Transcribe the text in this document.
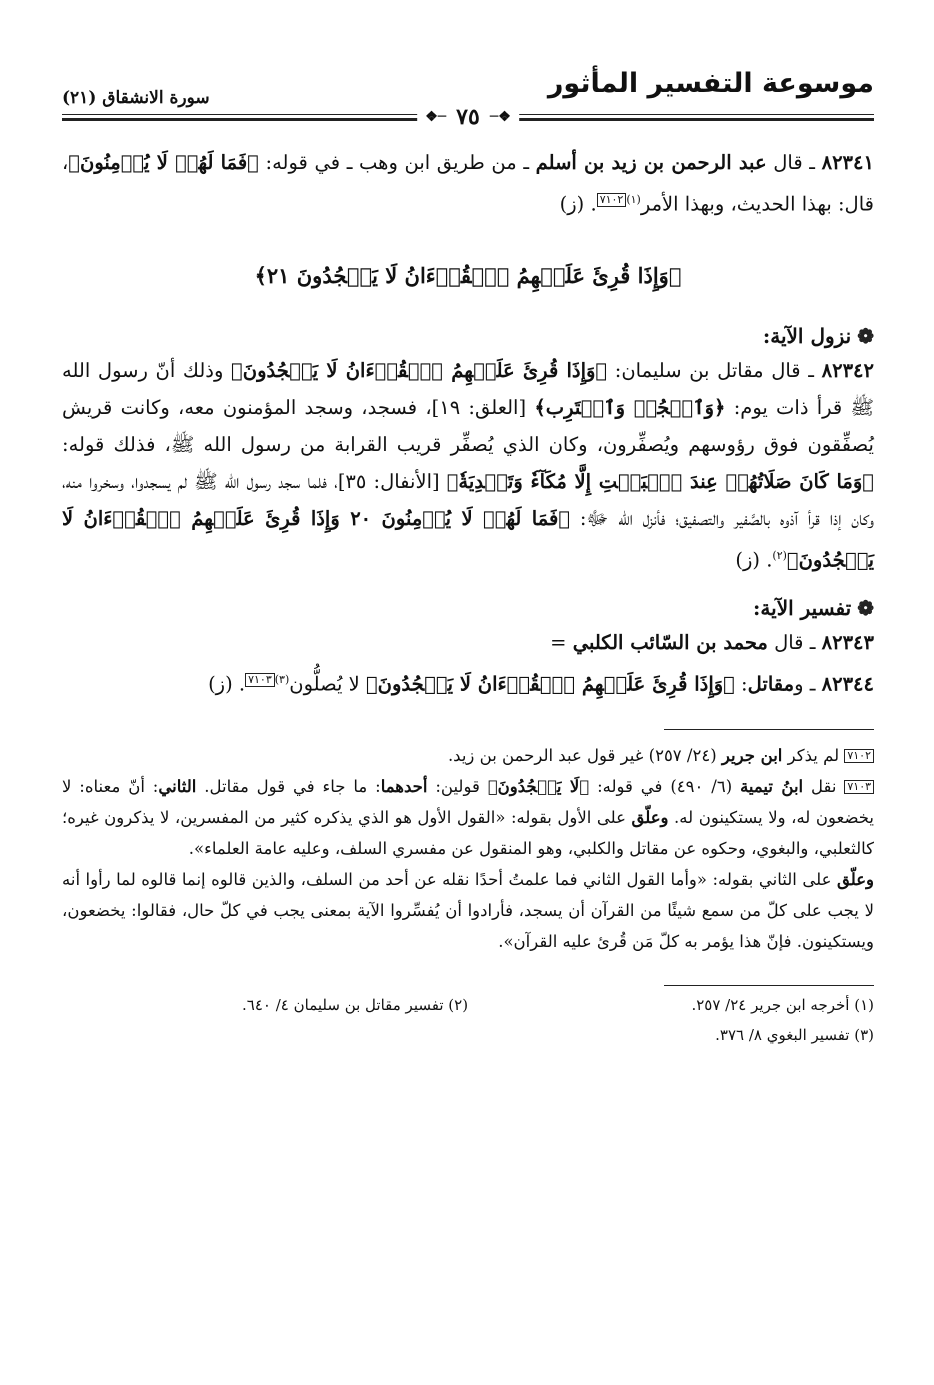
موسوعة التفسير المأثور
سورة الانشقاق (٢١)
❖─ ٧٥ ─❖

٨٢٣٤١ ـ قال عبد الرحمن بن زيد بن أسلم ـ من طريق ابن وهب ـ في قوله: ﴿فَمَا لَهُمۡ لَا يُؤۡمِنُونَ﴾، قال: بهذا الحديث، وبهذا الأمر$^{(١)}$٧١٠٢. (ز)

﴿وَإِذَا قُرِئَ عَلَيۡهِمُ ٱلۡقُرۡءَانُ لَا يَسۡجُدُونَ ٢١﴾
❁نزول الآية:

٨٢٣٤٢ ـ قال مقاتل بن سليمان: ﴿وَإِذَا قُرِئَ عَلَيۡهِمُ ٱلۡقُرۡءَانُ لَا يَسۡجُدُونَ﴾ وذلك أنّ رسول الله ﷺ قرأ ذات يوم: ﴿وَٱسۡجُدۡ وَٱقۡتَرِب﴾ [العلق: ١٩]، فسجد، وسجد المؤمنون معه، وكانت قريش يُصفِّقون فوق رؤوسهم ويُصفِّرون، وكان الذي يُصفِّر قريب القرابة من رسول الله ﷺ، فذلك قوله: ﴿وَمَا كَانَ صَلَاتُهُمۡ عِندَ ٱلۡبَيۡتِ إِلَّا مُكَآءٗ وَتَصۡدِيَةٗ﴾ [الأنفال: ٣٥]، فلما سجد رسول الله ﷺ لم يسجدوا، وسخروا منه، وكان إذا قرأ آذوه بالصَّفير والتصفيق؛ فأنزل الله ﷻ: ﴿فَمَا لَهُمۡ لَا يُؤۡمِنُونَ ٢٠ وَإِذَا قُرِئَ عَلَيۡهِمُ ٱلۡقُرۡءَانُ لَا يَسۡجُدُونَ﴾$^{(٢)}$. (ز)

❁تفسير الآية:

٨٢٣٤٣ ـ قال محمد بن السّائب الكلبي =

٨٢٣٤٤ ـ ومقاتل: ﴿وَإِذَا قُرِئَ عَلَيۡهِمُ ٱلۡقُرۡءَانُ لَا يَسۡجُدُونَ﴾ لا يُصلُّون$^{(٣)}$٧١٠٣. (ز)

٧١٠٢ لم يذكر ابن جرير (٢٤/ ٢٥٧) غير قول عبد الرحمن بن زيد.

٧١٠٣ نقل ابنُ تيمية (٦/ ٤٩٠) في قوله: ﴿لَا يَسۡجُدُونَ﴾ قولين: أحدهما: ما جاء في قول مقاتل. الثاني: أنّ معناه: لا يخضعون له، ولا يستكينون له. وعلّق على الأول بقوله: «القول الأول هو الذي يذكره كثير من المفسرين، لا يذكرون غيره؛ كالثعلبي، والبغوي، وحكوه عن مقاتل والكلبي، وهو المنقول عن مفسري السلف، وعليه عامة العلماء».

وعلّق على الثاني بقوله: «وأما القول الثاني فما علمتُ أحدًا نقله عن أحد من السلف، والذين قالوه إنما قالوه لما رأوا أنه لا يجب على كلّ من سمع شيئًا من القرآن أن يسجد، فأرادوا أن يُفسِّروا الآية بمعنى يجب في كلّ حال، فقالوا: يخضعون، ويستكينون. فإنّ هذا يؤمر به كلّ مَن قُرئ عليه القرآن».

(١) أخرجه ابن جرير ٢٤/ ٢٥٧.
(٢) تفسير مقاتل بن سليمان ٤/ ٦٤٠.
(٣) تفسير البغوي ٨/ ٣٧٦.
